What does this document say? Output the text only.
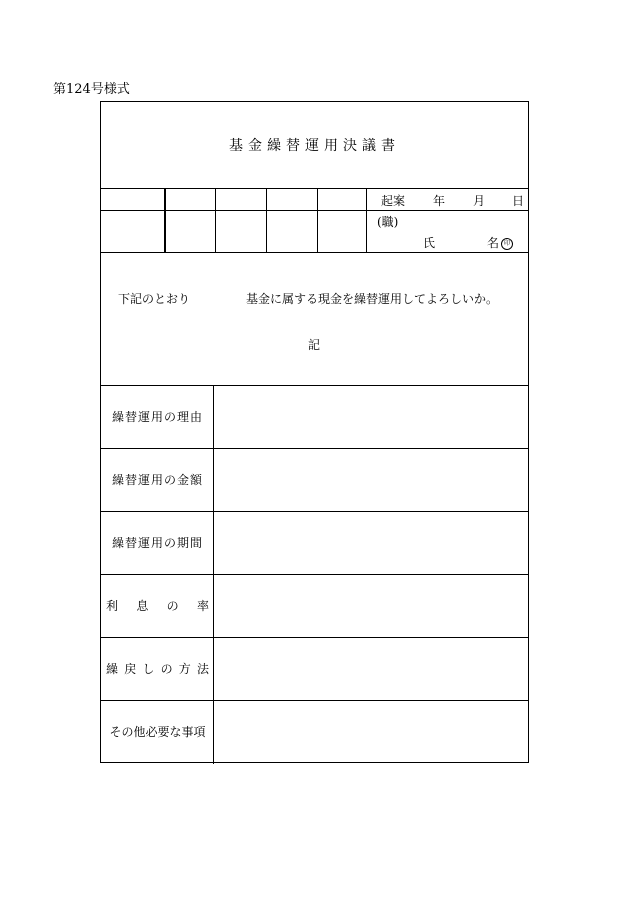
第124号様式
基金繰替運用決議書
起案 年 月 日
(職)
氏	名 印
下記のとおり	基金に属する現金を繰替運用してよろしいか。
記
繰替運用の理由
繰替運用の金額
繰替運用の期間
利 息 の 率
繰 戻 し の 方 法
その他必要な事項
